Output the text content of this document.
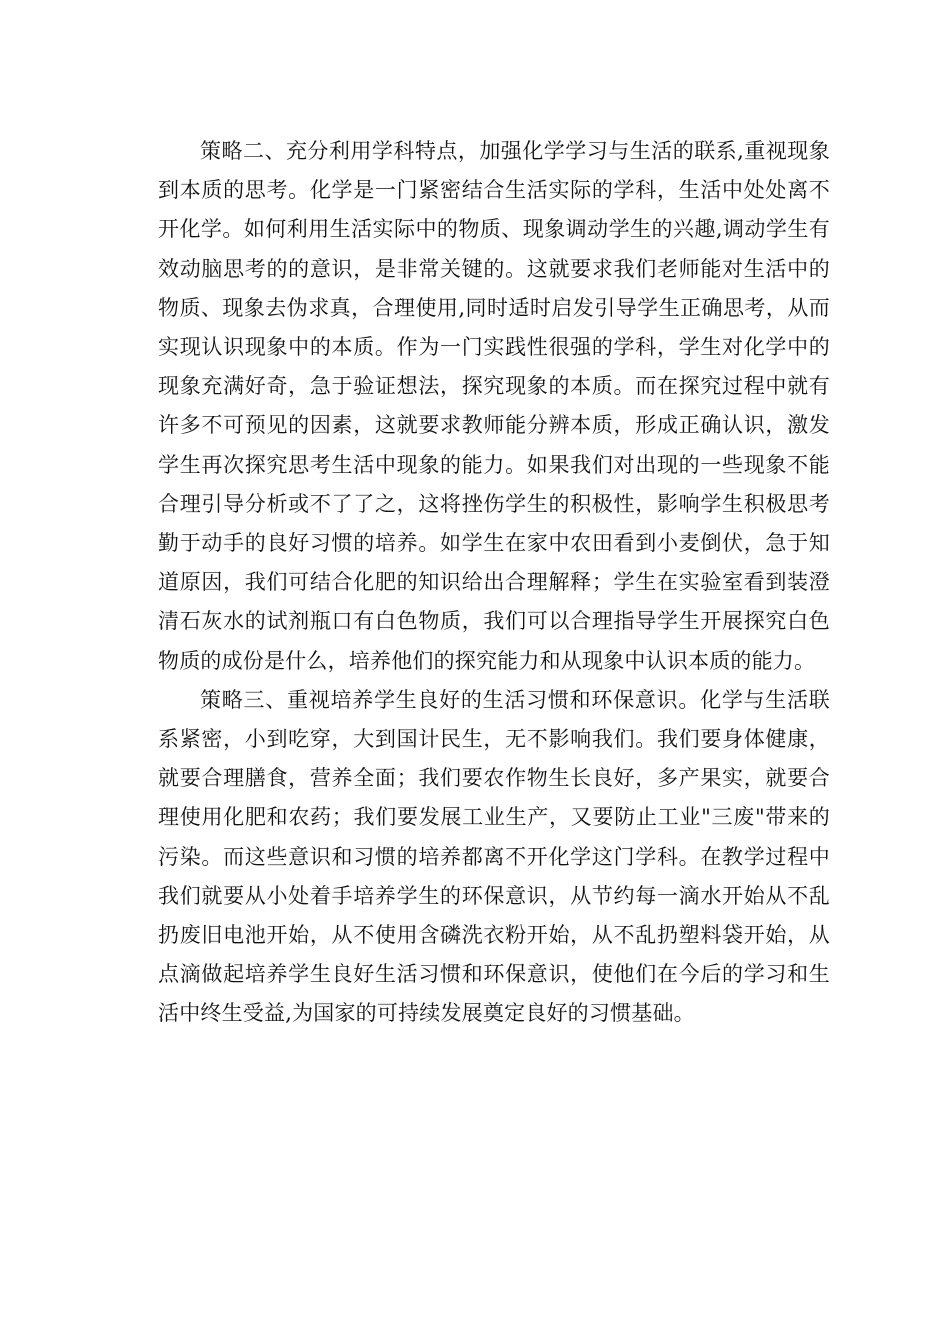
策略二、充分利用学科特点，加强化学学习与生活的联系,重视现象到本质的思考。化学是一门紧密结合生活实际的学科，生活中处处离不开化学。如何利用生活实际中的物质、现象调动学生的兴趣,调动学生有效动脑思考的的意识，是非常关键的。这就要求我们老师能对生活中的物质、现象去伪求真，合理使用,同时适时启发引导学生正确思考，从而实现认识现象中的本质。作为一门实践性很强的学科，学生对化学中的现象充满好奇，急于验证想法，探究现象的本质。而在探究过程中就有许多不可预见的因素，这就要求教师能分辨本质，形成正确认识，激发学生再次探究思考生活中现象的能力。如果我们对出现的一些现象不能合理引导分析或不了了之，这将挫伤学生的积极性，影响学生积极思考勤于动手的良好习惯的培养。如学生在家中农田看到小麦倒伏，急于知道原因，我们可结合化肥的知识给出合理解释；学生在实验室看到装澄清石灰水的试剂瓶口有白色物质，我们可以合理指导学生开展探究白色物质的成份是什么，培养他们的探究能力和从现象中认识本质的能力。

策略三、重视培养学生良好的生活习惯和环保意识。化学与生活联系紧密，小到吃穿，大到国计民生，无不影响我们。我们要身体健康，就要合理膳食，营养全面；我们要农作物生长良好，多产果实，就要合理使用化肥和农药；我们要发展工业生产，又要防止工业"三废"带来的污染。而这些意识和习惯的培养都离不开化学这门学科。在教学过程中我们就要从小处着手培养学生的环保意识，从节约每一滴水开始从不乱扔废旧电池开始，从不使用含磷洗衣粉开始，从不乱扔塑料袋开始，从点滴做起培养学生良好生活习惯和环保意识，使他们在今后的学习和生活中终生受益,为国家的可持续发展奠定良好的习惯基础。
